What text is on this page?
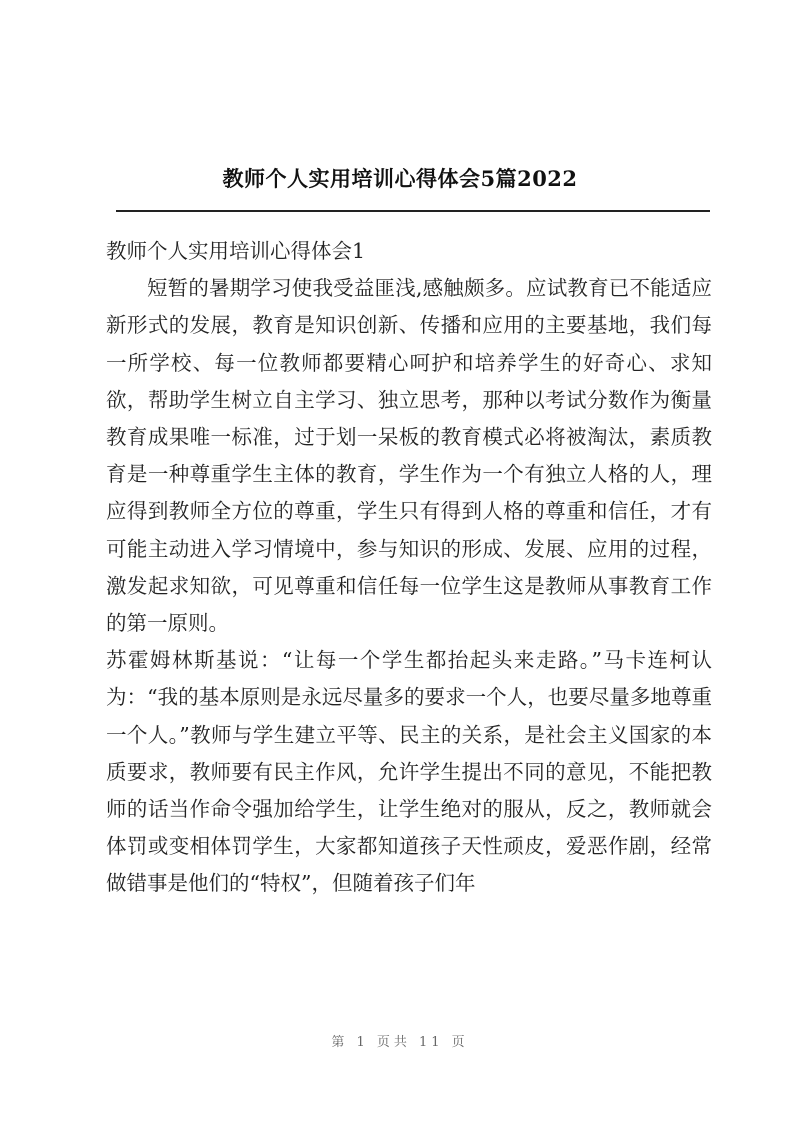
教师个人实用培训心得体会5篇2022

教师个人实用培训心得体会1

短暂的暑期学习使我受益匪浅,感触颇多。应试教育已不能适应新形式的发展，教育是知识创新、传播和应用的主要基地，我们每一所学校、每一位教师都要精心呵护和培养学生的好奇心、求知欲，帮助学生树立自主学习、独立思考，那种以考试分数作为衡量教育成果唯一标准，过于划一呆板的教育模式必将被淘汰，素质教育是一种尊重学生主体的教育，学生作为一个有独立人格的人，理应得到教师全方位的尊重，学生只有得到人格的尊重和信任，才有可能主动进入学习情境中，参与知识的形成、发展、应用的过程，激发起求知欲，可见尊重和信任每一位学生这是教师从事教育工作的第一原则。

苏霍姆林斯基说：“让每一个学生都抬起头来走路。”马卡连柯认为：“我的基本原则是永远尽量多的要求一个人，也要尽量多地尊重一个人。”教师与学生建立平等、民主的关系，是社会主义国家的本质要求，教师要有民主作风，允许学生提出不同的意见，不能把教师的话当作命令强加给学生，让学生绝对的服从，反之，教师就会体罚或变相体罚学生，大家都知道孩子天性顽皮，爱恶作剧，经常做错事是他们的“特权”，但随着孩子们年

第 1 页共 11 页
